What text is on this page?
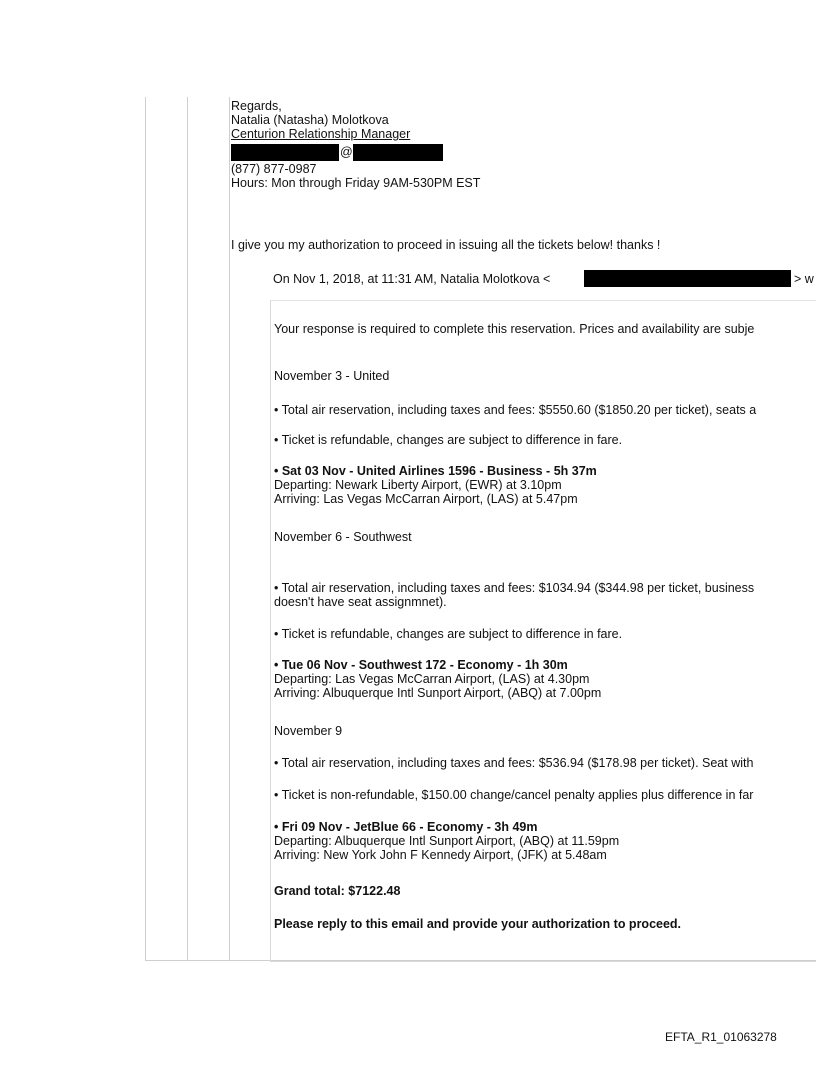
Regards,
Natalia (Natasha) Molotkova
Centurion Relationship Manager
@
(877) 877-0987
Hours: Mon through Friday 9AM-530PM EST
I give you my authorization to proceed in issuing all the tickets below! thanks !
On Nov 1, 2018, at 11:31 AM, Natalia Molotkova <	> w
Your response is required to complete this reservation. Prices and availability are subje
November 3 - United
• Total air reservation, including taxes and fees: $5550.60 ($1850.20 per ticket), seats a
• Ticket is refundable, changes are subject to difference in fare.
• Sat 03 Nov - United Airlines 1596 - Business - 5h 37m
Departing: Newark Liberty Airport, (EWR) at 3.10pm
Arriving: Las Vegas McCarran Airport, (LAS) at 5.47pm
November 6 - Southwest
• Total air reservation, including taxes and fees: $1034.94 ($344.98 per ticket, business
doesn't have seat assignmnet).
• Ticket is refundable, changes are subject to difference in fare.
• Tue 06 Nov - Southwest 172 - Economy - 1h 30m
Departing: Las Vegas McCarran Airport, (LAS) at 4.30pm
Arriving: Albuquerque Intl Sunport Airport, (ABQ) at 7.00pm
November 9
• Total air reservation, including taxes and fees: $536.94 ($178.98 per ticket). Seat with
• Ticket is non-refundable, $150.00 change/cancel penalty applies plus difference in far
• Fri 09 Nov - JetBlue 66 - Economy - 3h 49m
Departing: Albuquerque Intl Sunport Airport, (ABQ) at 11.59pm
Arriving: New York John F Kennedy Airport, (JFK) at 5.48am
Grand total: $7122.48
Please reply to this email and provide your authorization to proceed.
EFTA_R1_01063278
